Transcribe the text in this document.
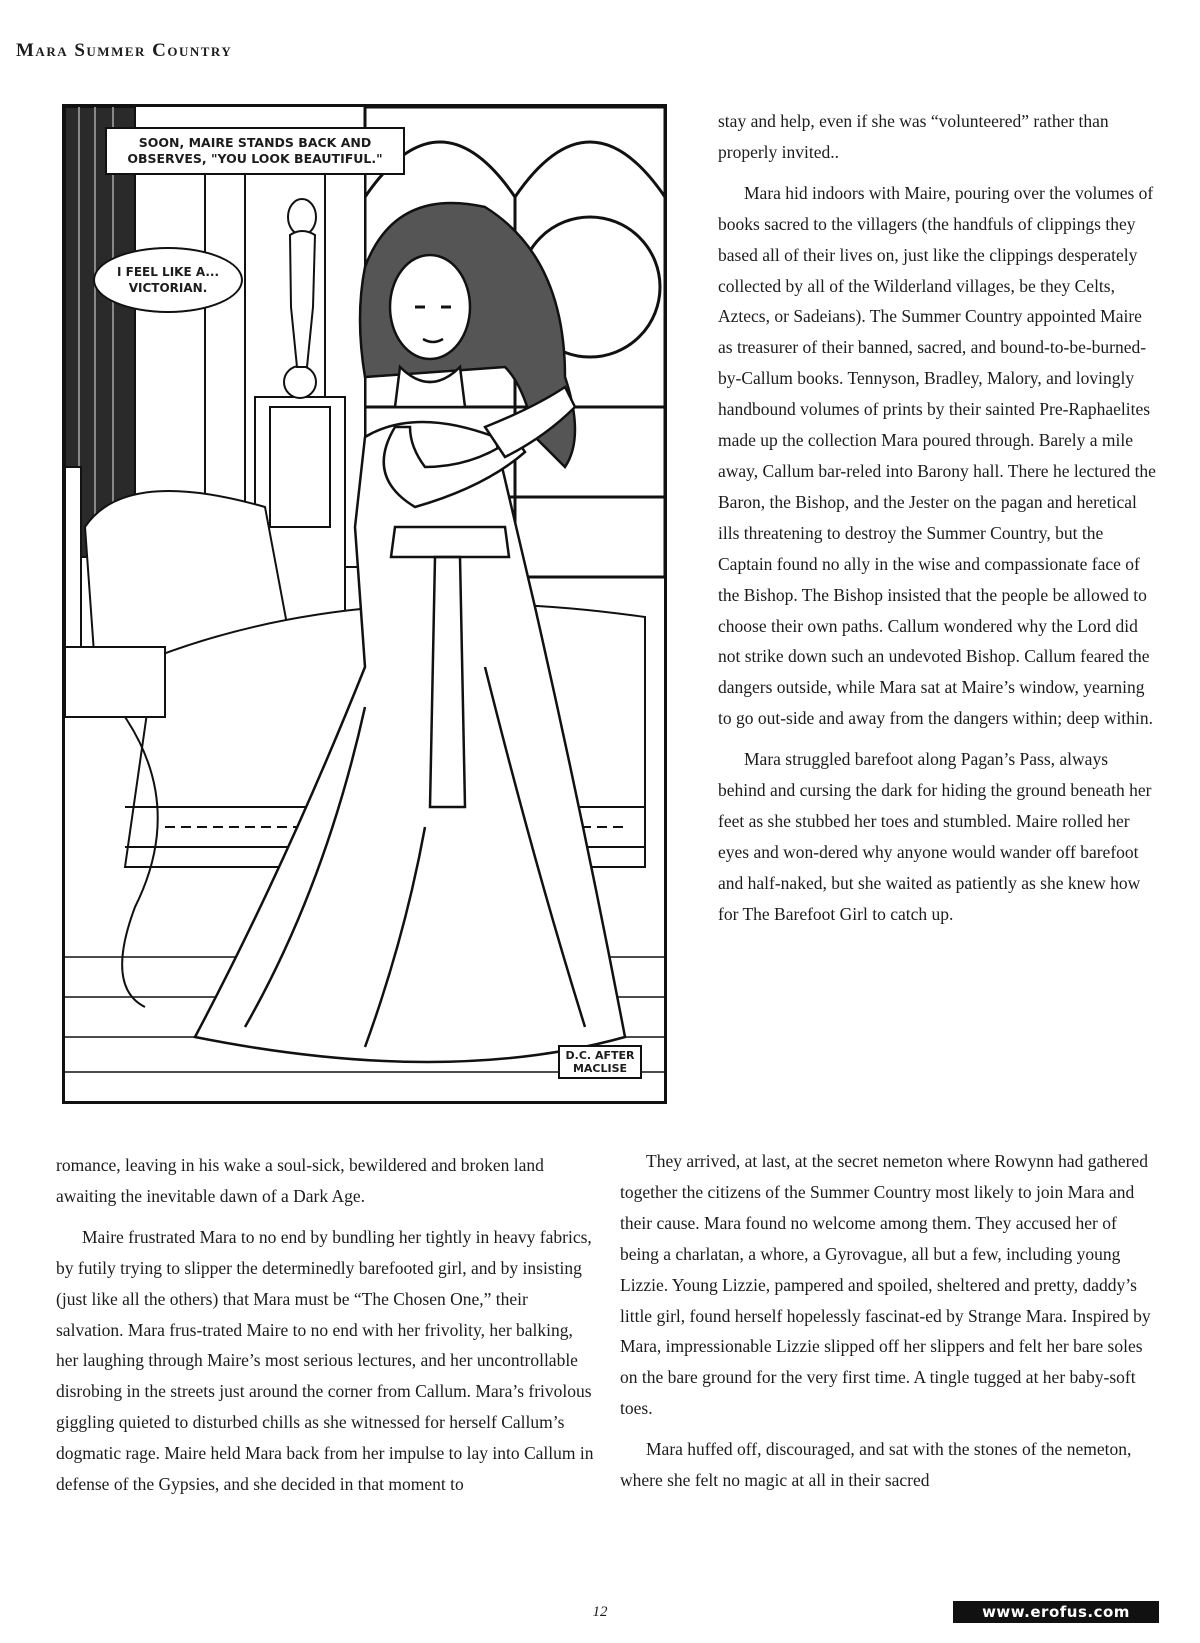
Mara Summer Country
SOON, MAIRE STANDS BACK AND OBSERVES, "YOU LOOK BEAUTIFUL."
I FEEL LIKE A... VICTORIAN.
D.C. AFTER MACLISE

stay and help, even if she was “volunteered” rather than properly invited..

Mara hid indoors with Maire, pouring over the volumes of books sacred to the villagers (the handfuls of clippings they based all of their lives on, just like the clippings desperately collected by all of the Wilderland villages, be they Celts, Aztecs, or Sadeians). The Summer Country appointed Maire as treasurer of their banned, sacred, and bound-to-be-burned-by-Callum books. Tennyson, Bradley, Malory, and lovingly handbound volumes of prints by their sainted Pre-Raphaelites made up the collection Mara poured through. Barely a mile away, Callum bar-reled into Barony hall. There he lectured the Baron, the Bishop, and the Jester on the pagan and heretical ills threatening to destroy the Summer Country, but the Captain found no ally in the wise and compassionate face of the Bishop. The Bishop insisted that the people be allowed to choose their own paths. Callum wondered why the Lord did not strike down such an undevoted Bishop. Callum feared the dangers outside, while Mara sat at Maire’s window, yearning to go out-side and away from the dangers within; deep within.

Mara struggled barefoot along Pagan’s Pass, always behind and cursing the dark for hiding the ground beneath her feet as she stubbed her toes and stumbled. Maire rolled her eyes and won-dered why anyone would wander off barefoot and half-naked, but she waited as patiently as she knew how for The Barefoot Girl to catch up.

romance, leaving in his wake a soul-sick, bewildered and broken land awaiting the inevitable dawn of a Dark Age.

Maire frustrated Mara to no end by bundling her tightly in heavy fabrics, by futily trying to slipper the determinedly barefooted girl, and by insisting (just like all the others) that Mara must be “The Chosen One,” their salvation. Mara frus-trated Maire to no end with her frivolity, her balking, her laughing through Maire’s most serious lectures, and her uncontrollable disrobing in the streets just around the corner from Callum. Mara’s frivolous giggling quieted to disturbed chills as she witnessed for herself Callum’s dogmatic rage. Maire held Mara back from her impulse to lay into Callum in defense of the Gypsies, and she decided in that moment to

They arrived, at last, at the secret nemeton where Rowynn had gathered together the citizens of the Summer Country most likely to join Mara and their cause. Mara found no welcome among them. They accused her of being a charlatan, a whore, a Gyrovague, all but a few, including young Lizzie. Young Lizzie, pampered and spoiled, sheltered and pretty, daddy’s little girl, found herself hopelessly fascinat-ed by Strange Mara. Inspired by Mara, impressionable Lizzie slipped off her slippers and felt her bare soles on the bare ground for the very first time. A tingle tugged at her baby-soft toes.

Mara huffed off, discouraged, and sat with the stones of the nemeton, where she felt no magic at all in their sacred

12	www.erofus.com
